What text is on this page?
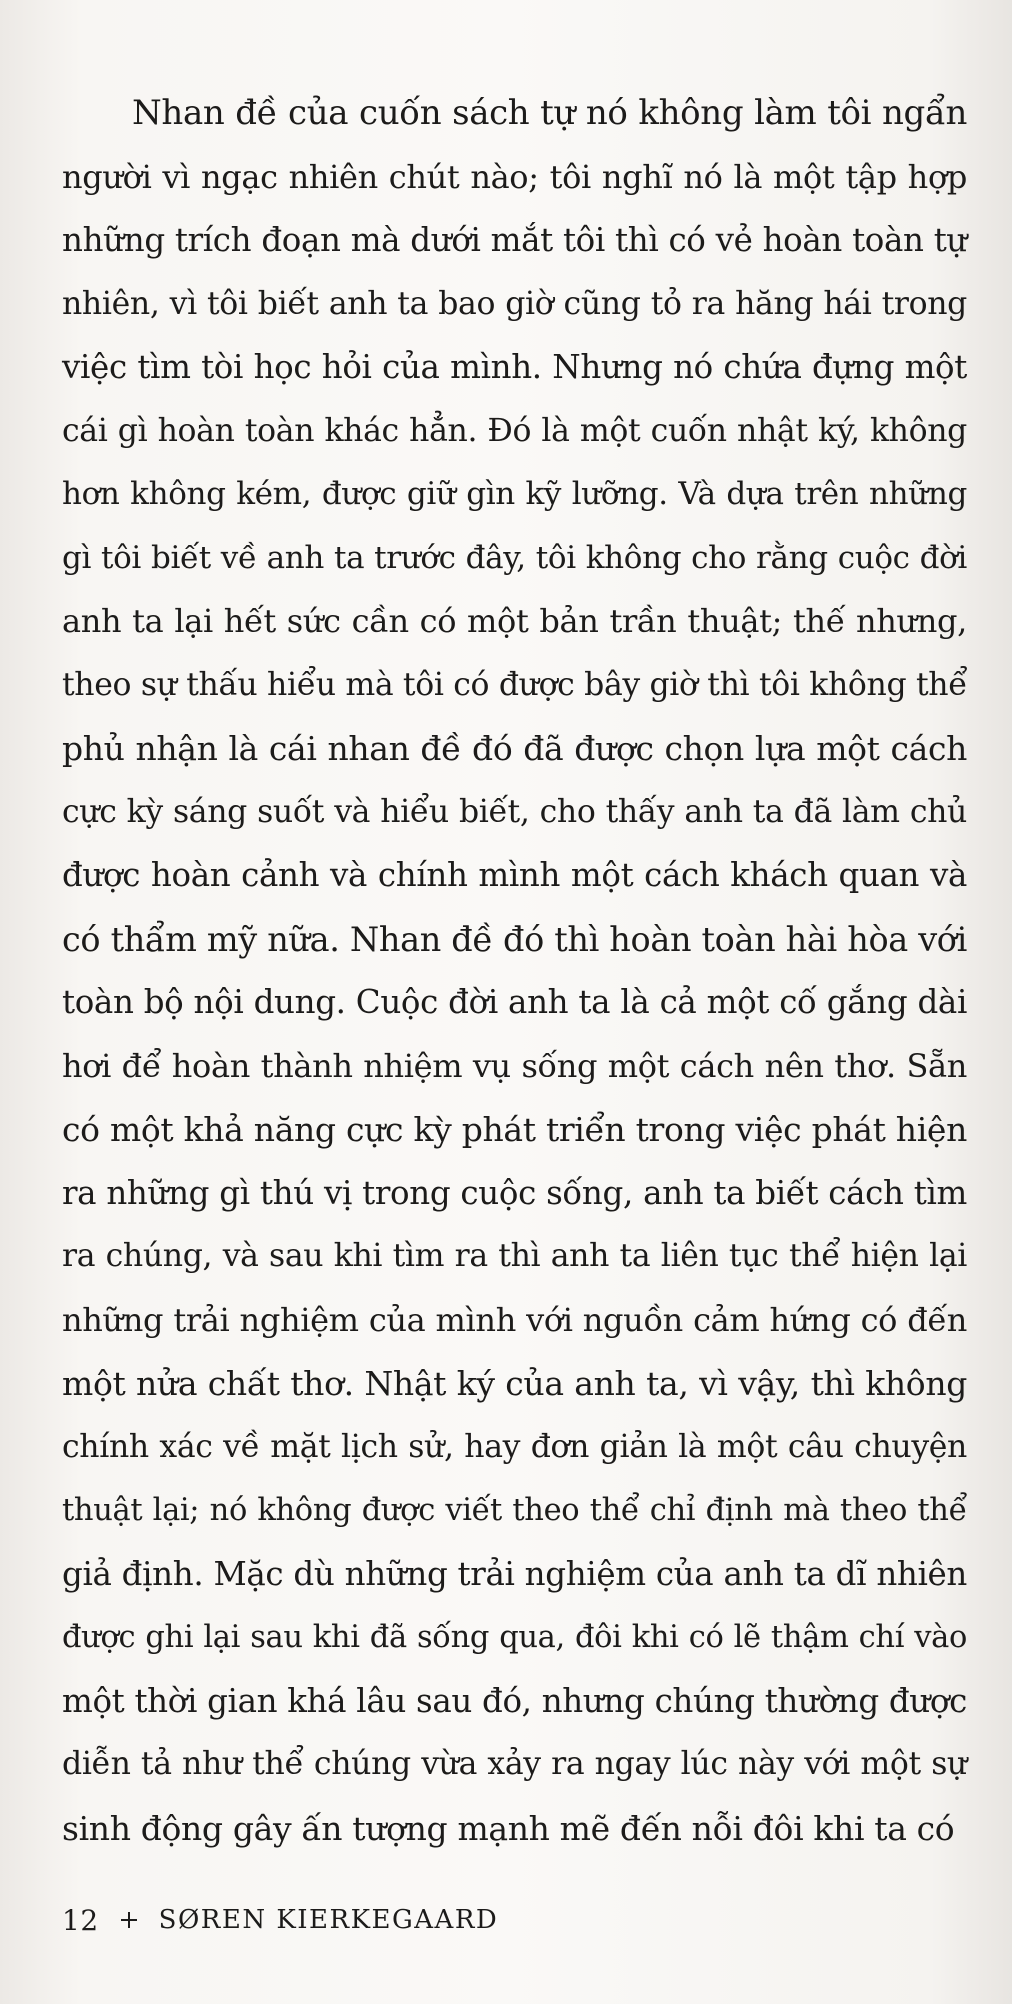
Nhan đề của cuốn sách tự nó không làm tôi ngẩn
người vì ngạc nhiên chút nào; tôi nghĩ nó là một tập hợp
những trích đoạn mà dưới mắt tôi thì có vẻ hoàn toàn tự
nhiên, vì tôi biết anh ta bao giờ cũng tỏ ra hăng hái trong
việc tìm tòi học hỏi của mình. Nhưng nó chứa đựng một
cái gì hoàn toàn khác hẳn. Đó là một cuốn nhật ký, không
hơn không kém, được giữ gìn kỹ lưỡng. Và dựa trên những
gì tôi biết về anh ta trước đây, tôi không cho rằng cuộc đời
anh ta lại hết sức cần có một bản trần thuật; thế nhưng,
theo sự thấu hiểu mà tôi có được bây giờ thì tôi không thể
phủ nhận là cái nhan đề đó đã được chọn lựa một cách
cực kỳ sáng suốt và hiểu biết, cho thấy anh ta đã làm chủ
được hoàn cảnh và chính mình một cách khách quan và
có thẩm mỹ nữa. Nhan đề đó thì hoàn toàn hài hòa với
toàn bộ nội dung. Cuộc đời anh ta là cả một cố gắng dài
hơi để hoàn thành nhiệm vụ sống một cách nên thơ. Sẵn
có một khả năng cực kỳ phát triển trong việc phát hiện
ra những gì thú vị trong cuộc sống, anh ta biết cách tìm
ra chúng, và sau khi tìm ra thì anh ta liên tục thể hiện lại
những trải nghiệm của mình với nguồn cảm hứng có đến
một nửa chất thơ. Nhật ký của anh ta, vì vậy, thì không
chính xác về mặt lịch sử, hay đơn giản là một câu chuyện
thuật lại; nó không được viết theo thể chỉ định mà theo thể
giả định. Mặc dù những trải nghiệm của anh ta dĩ nhiên
được ghi lại sau khi đã sống qua, đôi khi có lẽ thậm chí vào
một thời gian khá lâu sau đó, nhưng chúng thường được
diễn tả như thể chúng vừa xảy ra ngay lúc này với một sự
sinh động gây ấn tượng mạnh mẽ đến nỗi đôi khi ta có
12 SØREN KIERKEGAARD
